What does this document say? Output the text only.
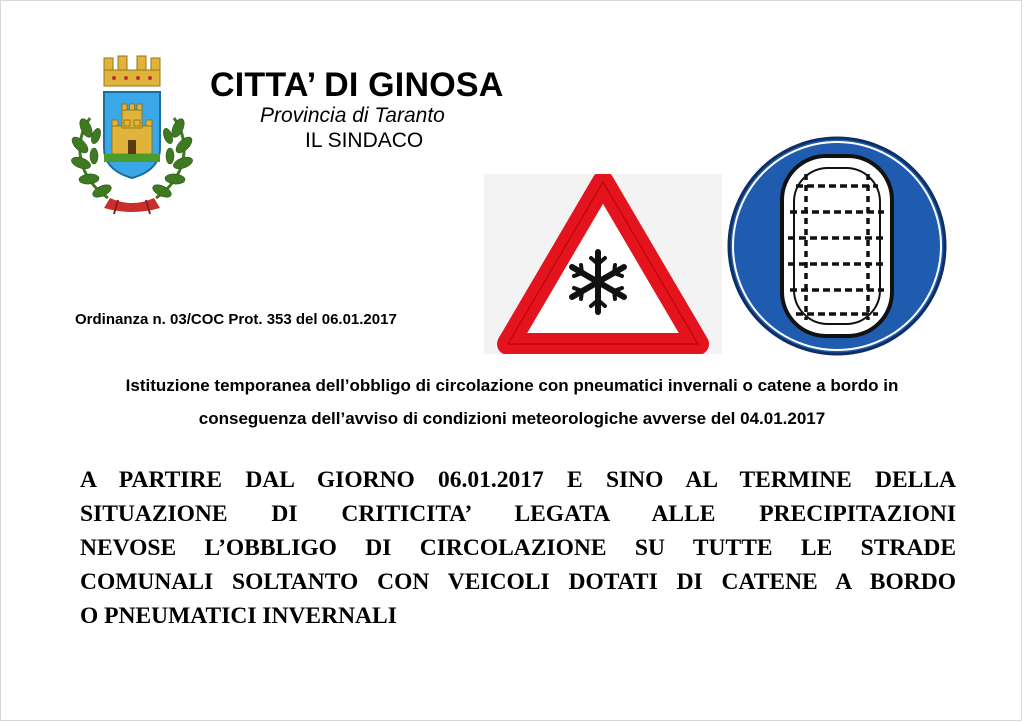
CITTA’ DI GINOSA
Provincia di Taranto
IL SINDACO
Ordinanza n. 03/COC Prot. 353 del 06.01.2017
Istituzione temporanea dell’obbligo di circolazione con pneumatici invernali o catene a bordo in
conseguenza dell’avviso di condizioni meteorologiche avverse del 04.01.2017
A PARTIRE DAL GIORNO 06.01.2017 E SINO AL TERMINE DELLA
SITUAZIONE DI CRITICITA’ LEGATA ALLE PRECIPITAZIONI
NEVOSE L’OBBLIGO DI CIRCOLAZIONE SU TUTTE LE STRADE
COMUNALI SOLTANTO CON VEICOLI DOTATI DI CATENE A BORDO
O PNEUMATICI INVERNALI
